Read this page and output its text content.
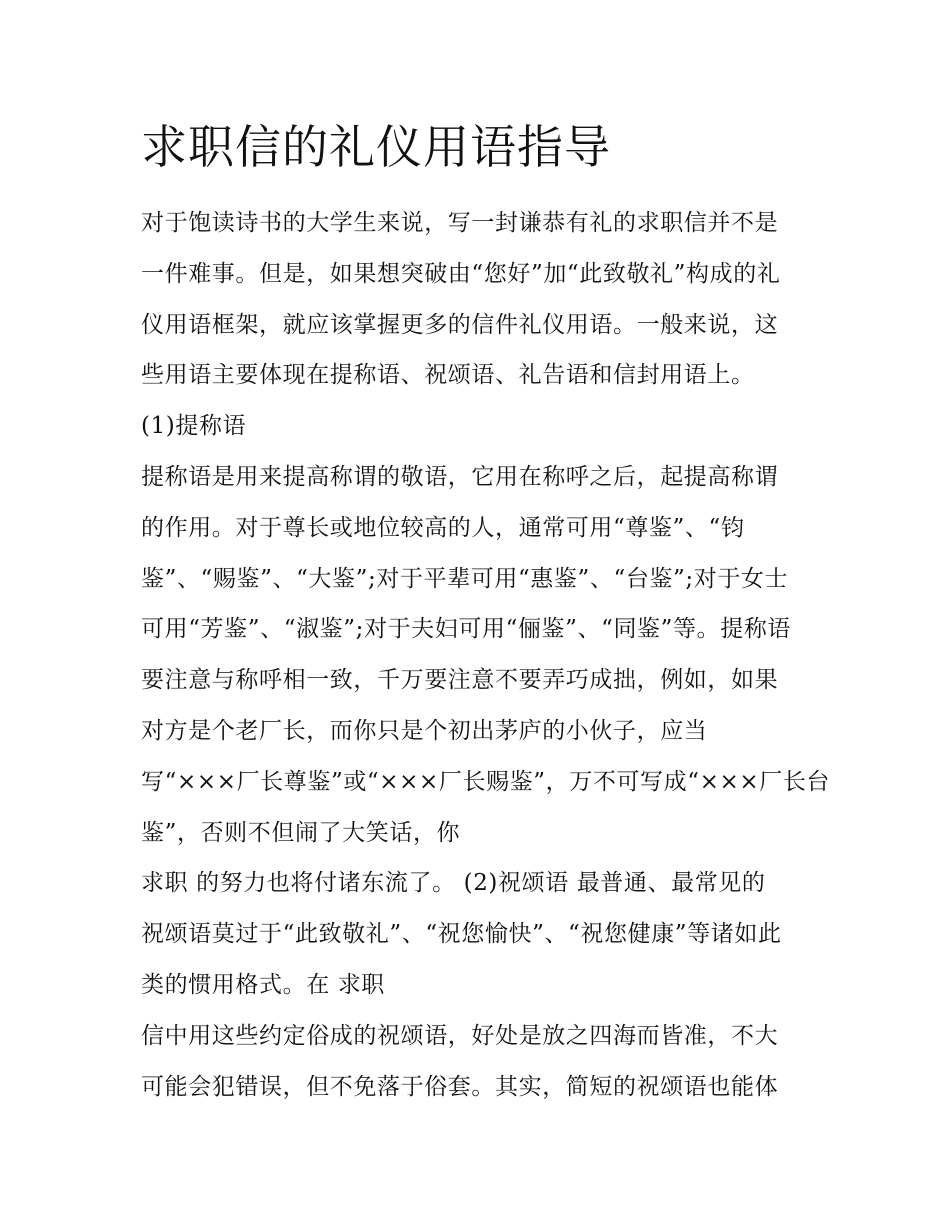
求职信的礼仪用语指导
对于饱读诗书的大学生来说，写一封谦恭有礼的求职信并不是
一件难事。但是，如果想突破由“您好”加“此致敬礼”构成的礼
仪用语框架，就应该掌握更多的信件礼仪用语。一般来说，这
些用语主要体现在提称语、祝颂语、礼告语和信封用语上。
(1)提称语
提称语是用来提高称谓的敬语，它用在称呼之后，起提高称谓
的作用。对于尊长或地位较高的人，通常可用“尊鉴”、“钧
鉴”、“赐鉴”、“大鉴”;对于平辈可用“惠鉴”、“台鉴”;对于女士
可用“芳鉴”、“淑鉴”;对于夫妇可用“俪鉴”、“同鉴”等。提称语
要注意与称呼相一致，千万要注意不要弄巧成拙，例如，如果
对方是个老厂长，而你只是个初出茅庐的小伙子，应当
写“×××厂长尊鉴”或“×××厂长赐鉴”，万不可写成“×××厂长台
鉴”，否则不但闹了大笑话，你
求职 的努力也将付诸东流了。 (2)祝颂语 最普通、最常见的
祝颂语莫过于“此致敬礼”、“祝您愉快”、“祝您健康”等诸如此
类的惯用格式。在 求职
信中用这些约定俗成的祝颂语，好处是放之四海而皆准，不大
可能会犯错误，但不免落于俗套。其实，简短的祝颂语也能体
